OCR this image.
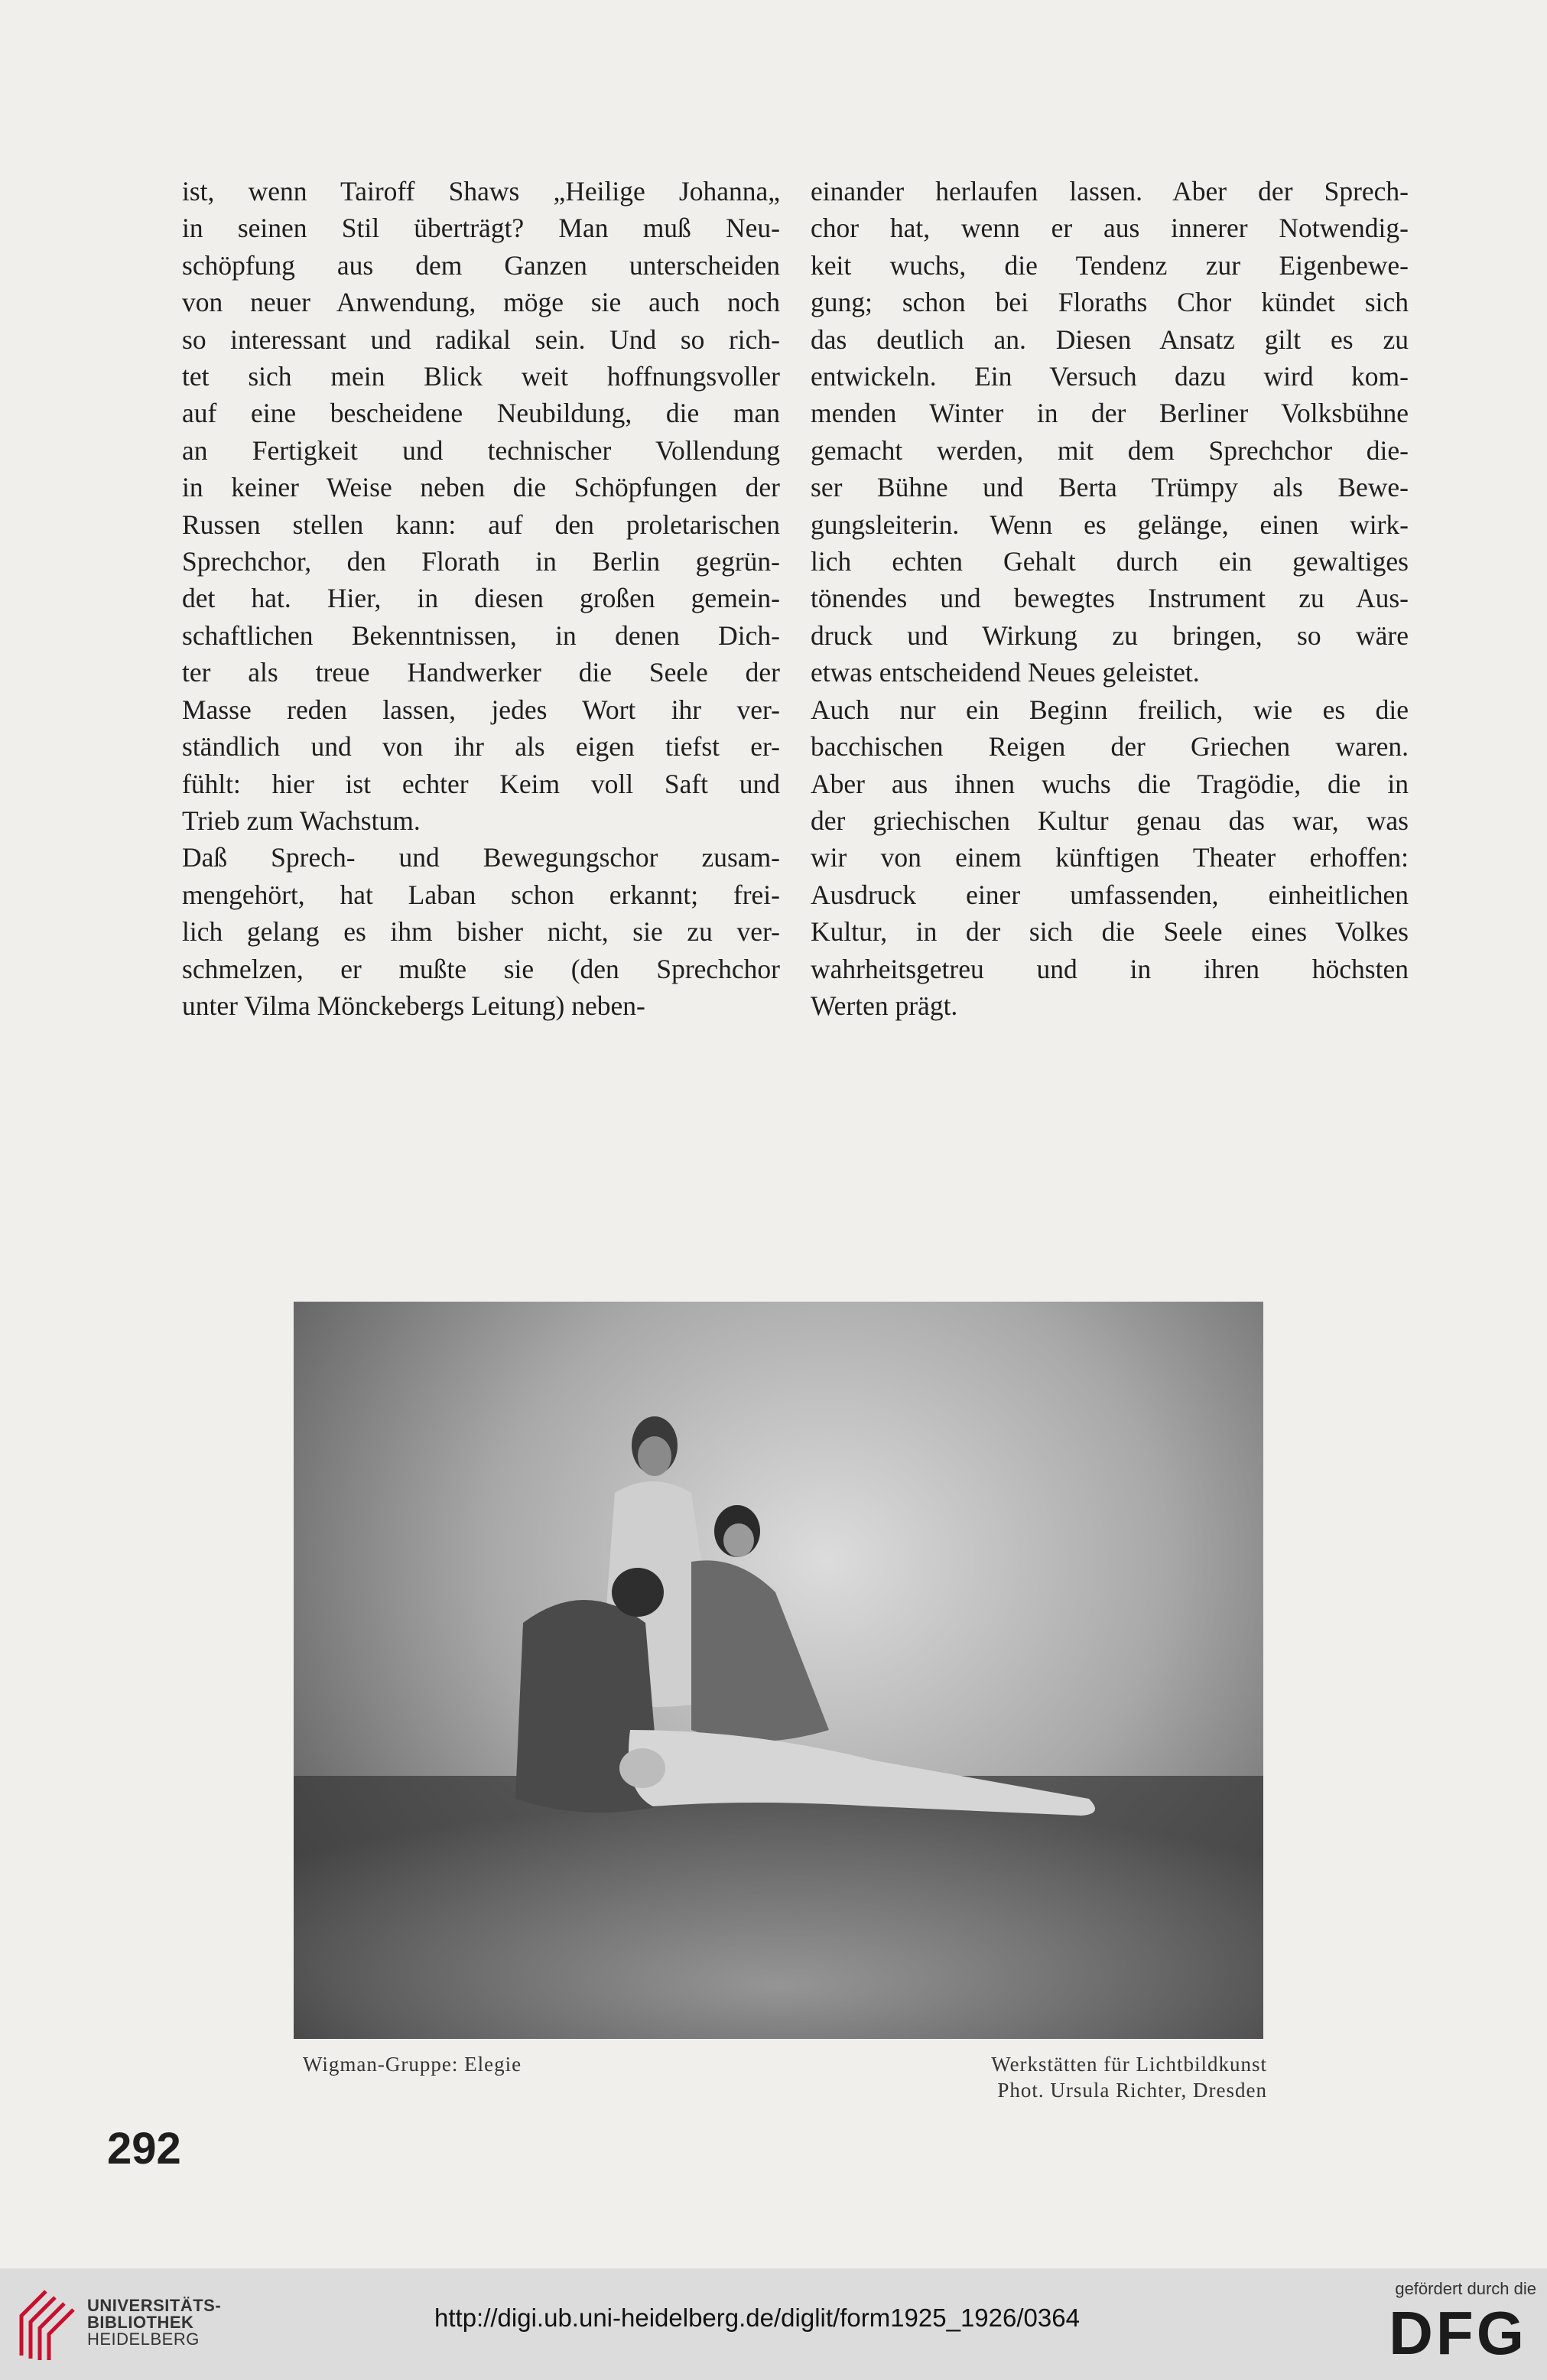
ist, wenn Tairoff Shaws „Heilige Johanna„
in seinen Stil überträgt? Man muß Neu-
schöpfung aus dem Ganzen unterscheiden
von neuer Anwendung, möge sie auch noch
so interessant und radikal sein. Und so rich-
tet sich mein Blick weit hoffnungsvoller
auf eine bescheidene Neubildung, die man
an Fertigkeit und technischer Vollendung
in keiner Weise neben die Schöpfungen der
Russen stellen kann: auf den proletarischen
Sprechchor, den Florath in Berlin gegrün-
det hat. Hier, in diesen großen gemein-
schaftlichen Bekenntnissen, in denen Dich-
ter als treue Handwerker die Seele der
Masse reden lassen, jedes Wort ihr ver-
ständlich und von ihr als eigen tiefst er-
fühlt: hier ist echter Keim voll Saft und
Trieb zum Wachstum.
Daß Sprech- und Bewegungschor zusam-
mengehört, hat Laban schon erkannt; frei-
lich gelang es ihm bisher nicht, sie zu ver-
schmelzen, er mußte sie (den Sprechchor
unter Vilma Mönckebergs Leitung) neben-
einander herlaufen lassen. Aber der Sprech-
chor hat, wenn er aus innerer Notwendig-
keit wuchs, die Tendenz zur Eigenbewe-
gung; schon bei Floraths Chor kündet sich
das deutlich an. Diesen Ansatz gilt es zu
entwickeln. Ein Versuch dazu wird kom-
menden Winter in der Berliner Volksbühne
gemacht werden, mit dem Sprechchor die-
ser Bühne und Berta Trümpy als Bewe-
gungsleiterin. Wenn es gelänge, einen wirk-
lich echten Gehalt durch ein gewaltiges
tönendes und bewegtes Instrument zu Aus-
druck und Wirkung zu bringen, so wäre
etwas entscheidend Neues geleistet.
Auch nur ein Beginn freilich, wie es die
bacchischen Reigen der Griechen waren.
Aber aus ihnen wuchs die Tragödie, die in
der griechischen Kultur genau das war, was
wir von einem künftigen Theater erhoffen:
Ausdruck einer umfassenden, einheitlichen
Kultur, in der sich die Seele eines Volkes
wahrheitsgetreu und in ihren höchsten
Werten prägt.
Wigman-Gruppe: Elegie	Werkstätten für Lichtbildkunst
Phot. Ursula Richter, Dresden
292
UNIVERSITÄTS-
BIBLIOTHEK
HEIDELBERG
http://digi.ub.uni-heidelberg.de/diglit/form1925_1926/0364
gefördert durch die
DFG
